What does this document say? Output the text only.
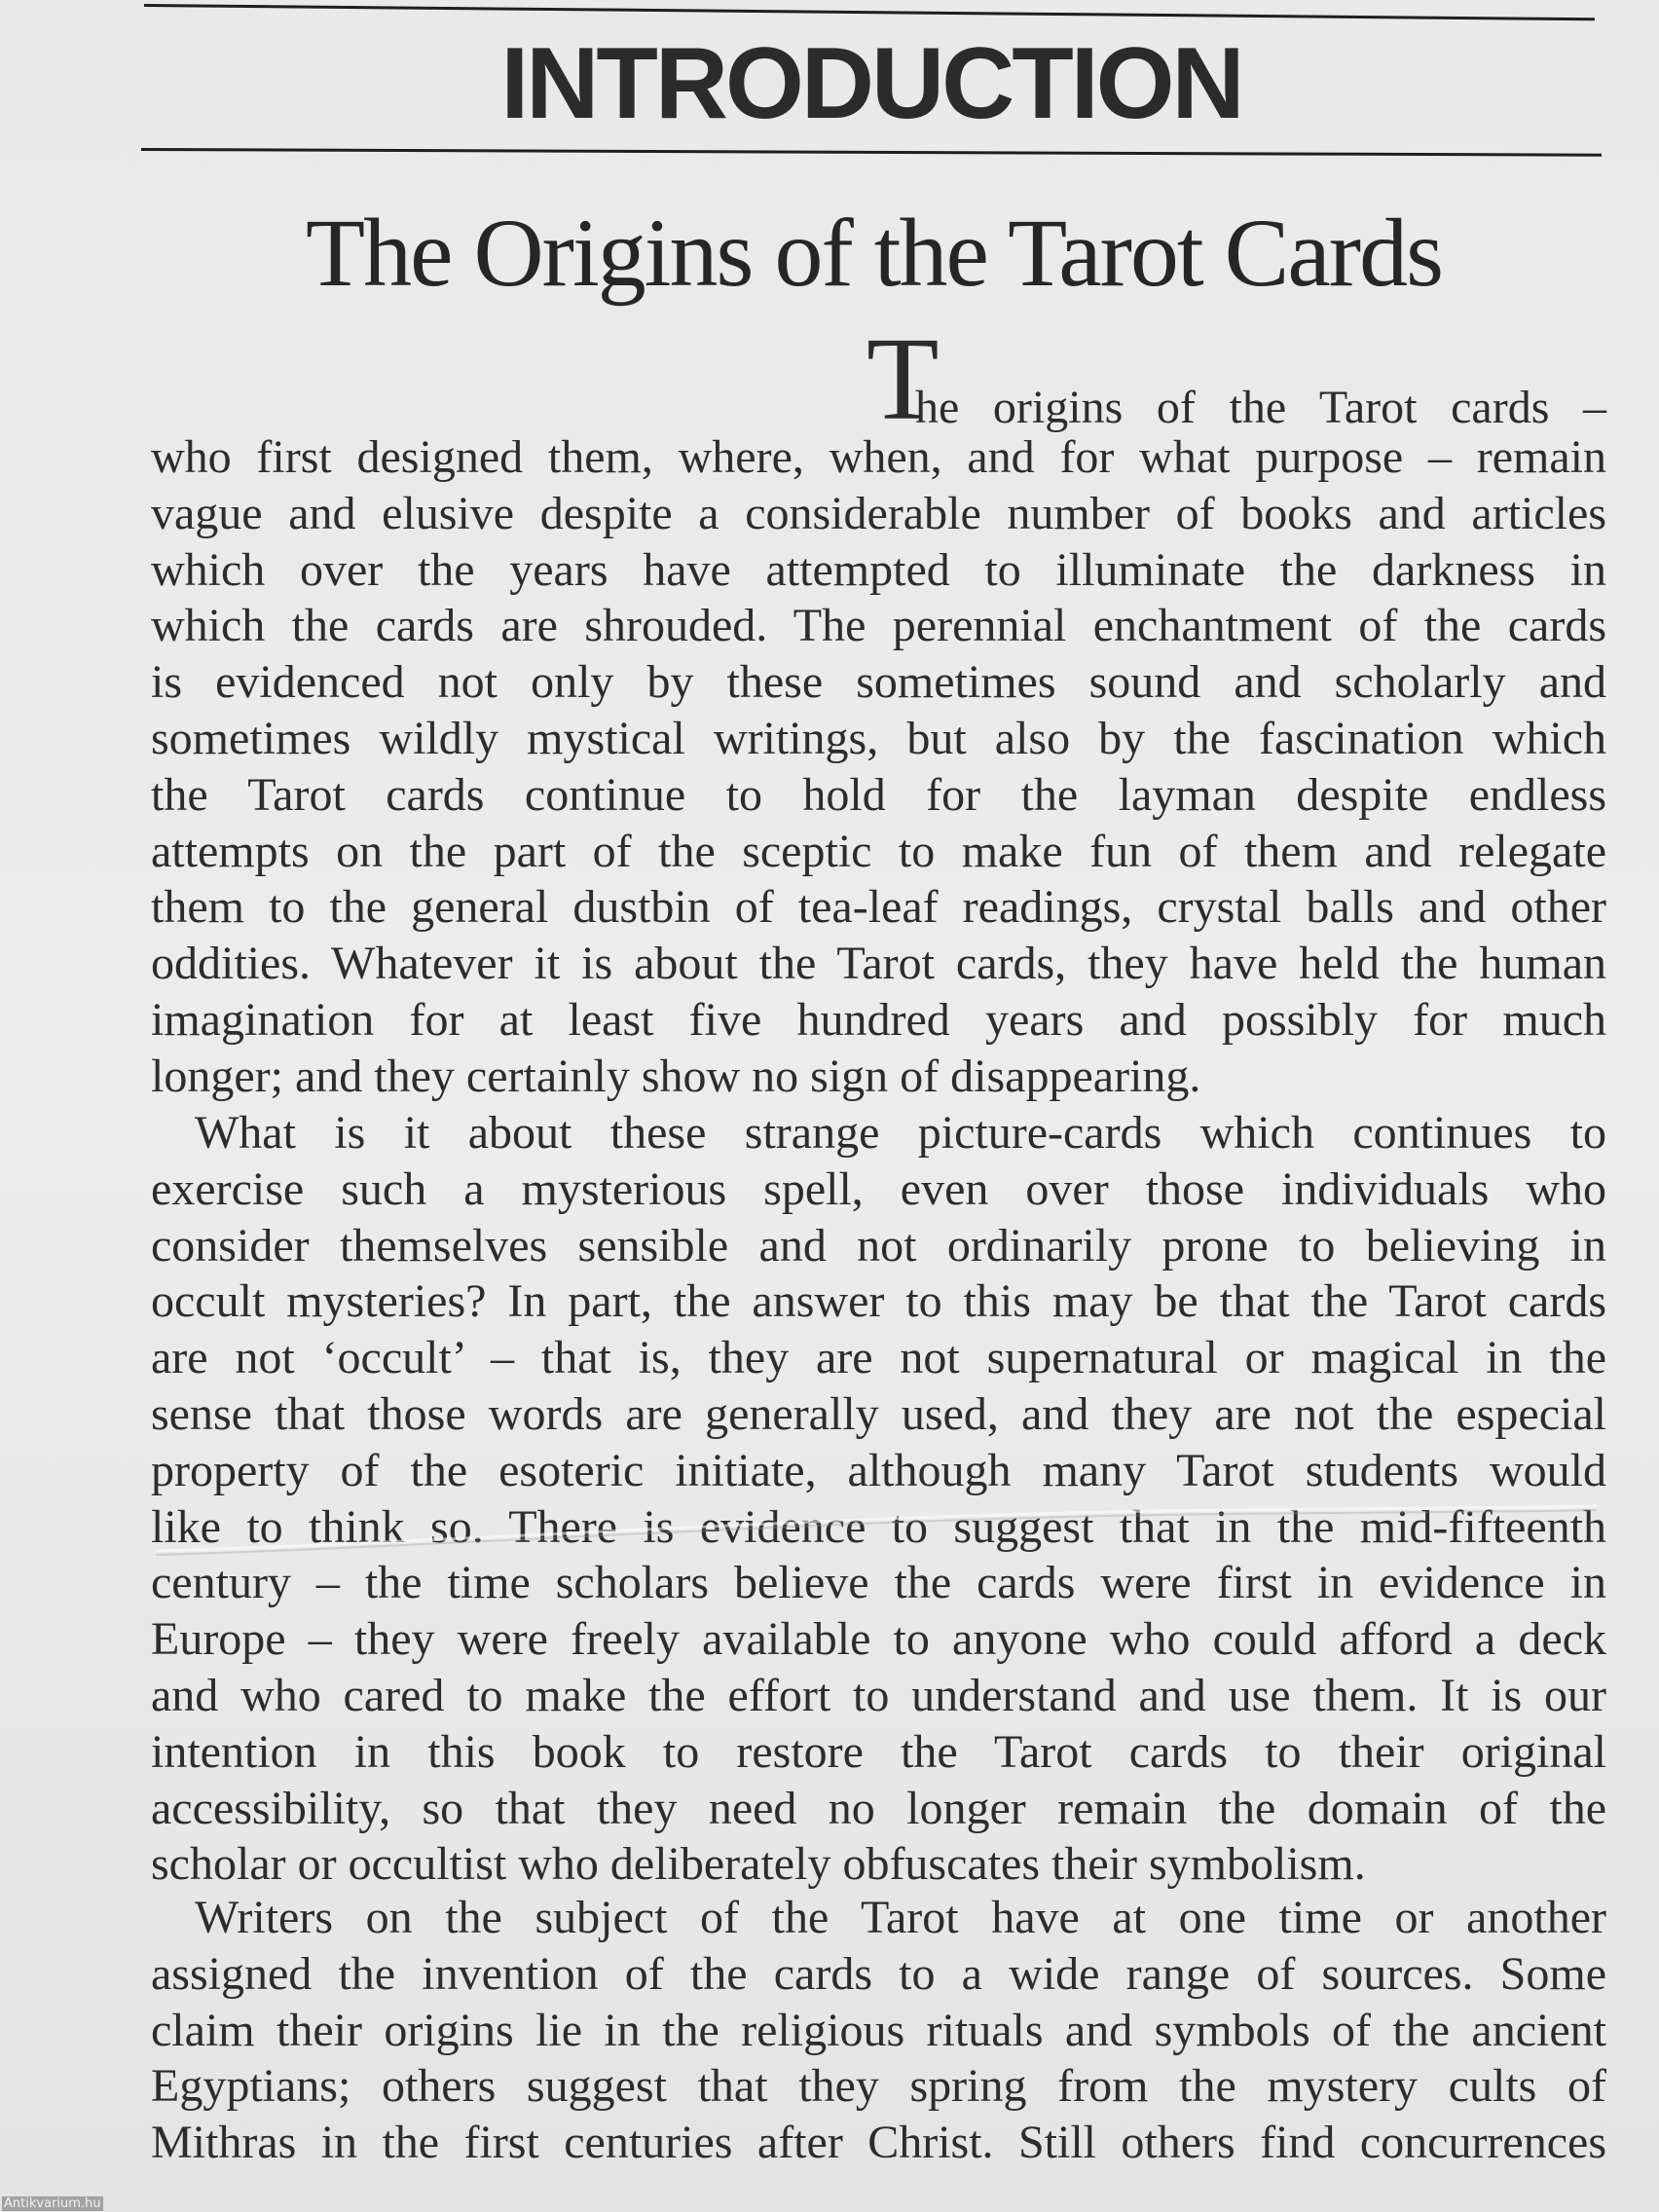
INTRODUCTION
The Origins of the Tarot Cards
T
he origins of the Tarot cards –
who first designed them, where, when, and for what purpose – remain
vague and elusive despite a considerable number of books and articles
which over the years have attempted to illuminate the darkness in
which the cards are shrouded. The perennial enchantment of the cards
is evidenced not only by these sometimes sound and scholarly and
sometimes wildly mystical writings, but also by the fascination which
the Tarot cards continue to hold for the layman despite endless
attempts on the part of the sceptic to make fun of them and relegate
them to the general dustbin of tea-leaf readings, crystal balls and other
oddities. Whatever it is about the Tarot cards, they have held the human
imagination for at least five hundred years and possibly for much
longer; and they certainly show no sign of disappearing.
What is it about these strange picture-cards which continues to
exercise such a mysterious spell, even over those individuals who
consider themselves sensible and not ordinarily prone to believing in
occult mysteries? In part, the answer to this may be that the Tarot cards
are not ‘occult’ – that is, they are not supernatural or magical in the
sense that those words are generally used, and they are not the especial
property of the esoteric initiate, although many Tarot students would
like to think so. There is evidence to suggest that in the mid-fifteenth
century – the time scholars believe the cards were first in evidence in
Europe – they were freely available to anyone who could afford a deck
and who cared to make the effort to understand and use them. It is our
intention in this book to restore the Tarot cards to their original
accessibility, so that they need no longer remain the domain of the
scholar or occultist who deliberately obfuscates their symbolism.
Writers on the subject of the Tarot have at one time or another
assigned the invention of the cards to a wide range of sources. Some
claim their origins lie in the religious rituals and symbols of the ancient
Egyptians; others suggest that they spring from the mystery cults of
Mithras in the first centuries after Christ. Still others find concurrences
Antikvarium.hu
